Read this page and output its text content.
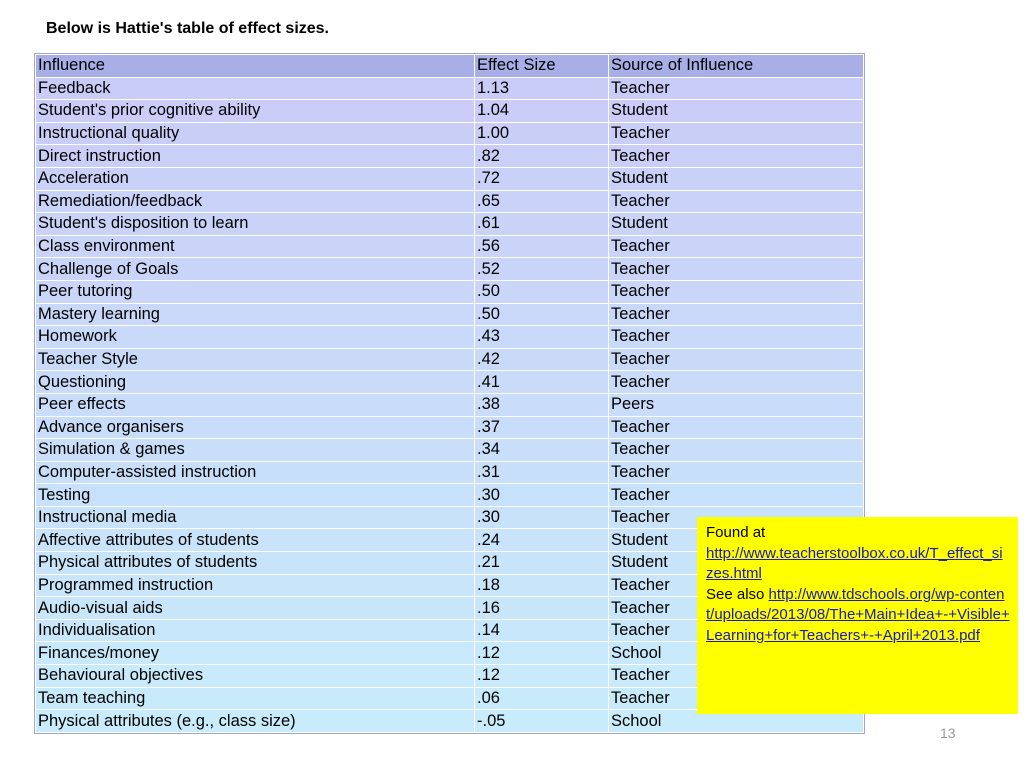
Below is Hattie's table of effect sizes.
Influence	Effect Size	Source of Influence
Feedback	1.13	Teacher
Student's prior cognitive ability	1.04	Student
Instructional quality	1.00	Teacher
Direct instruction	.82	Teacher
Acceleration	.72	Student
Remediation/feedback	.65	Teacher
Student's disposition to learn	.61	Student
Class environment	.56	Teacher
Challenge of Goals	.52	Teacher
Peer tutoring	.50	Teacher
Mastery learning	.50	Teacher
Homework	.43	Teacher
Teacher Style	.42	Teacher
Questioning	.41	Teacher
Peer effects	.38	Peers
Advance organisers	.37	Teacher
Simulation & games	.34	Teacher
Computer-assisted instruction	.31	Teacher
Testing	.30	Teacher
Instructional media	.30	Teacher
Affective attributes of students	.24	Student
Physical attributes of students	.21	Student
Programmed instruction	.18	Teacher
Audio-visual aids	.16	Teacher
Individualisation	.14	Teacher
Finances/money	.12	School
Behavioural objectives	.12	Teacher
Team teaching	.06	Teacher
Physical attributes (e.g., class size)	-.05	School
Found at
http://www.teacherstoolbox.co.uk/T_effect_sizes.html
See also http://www.tdschools.org/wp-content/uploads/2013/08/The+Main+Idea+-+Visible+Learning+for+Teachers+-+April+2013.pdf
13
